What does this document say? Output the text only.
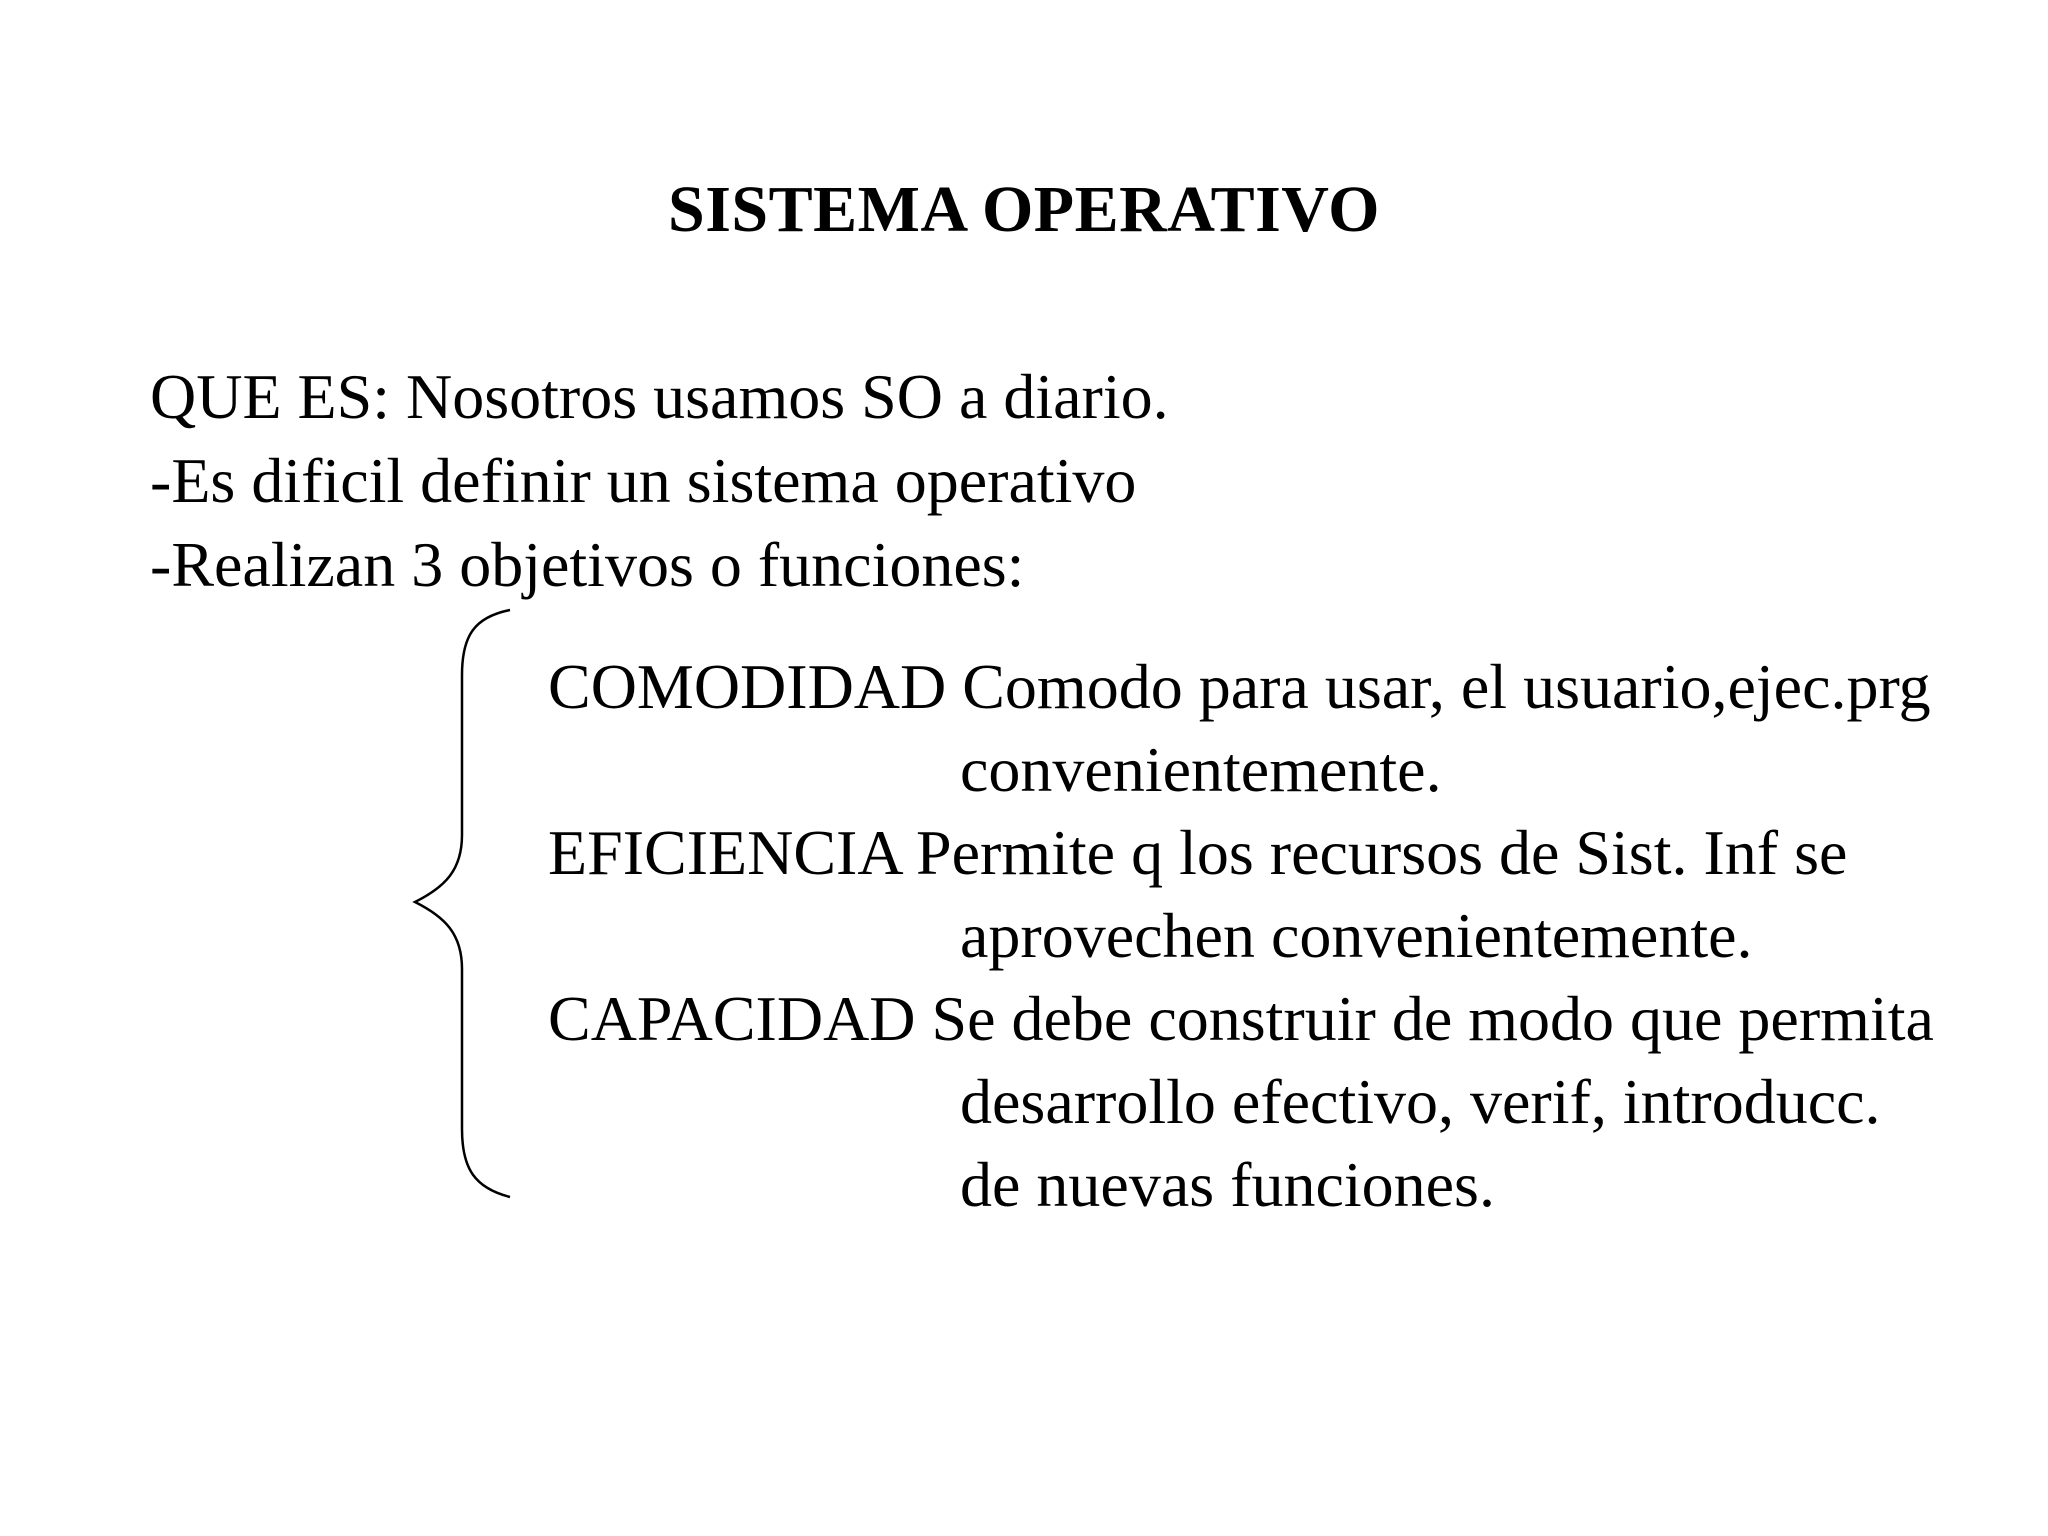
SISTEMA OPERATIVO
QUE ES: Nosotros usamos SO a diario.
-Es dificil definir un sistema operativo
-Realizan 3 objetivos o funciones:
COMODIDAD Comodo para usar, el usuario,ejec.prg
convenientemente.
EFICIENCIA Permite q los recursos de Sist. Inf se
aprovechen convenientemente.
CAPACIDAD Se debe construir de modo que permita
desarrollo efectivo, verif, introducc.
de nuevas funciones.
